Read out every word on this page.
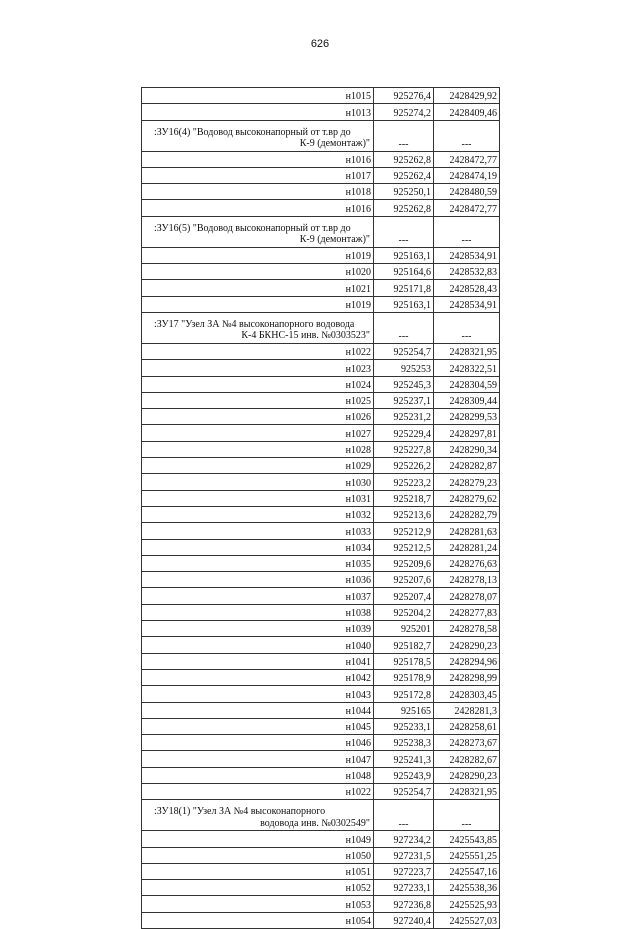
626
н1015	925276,4	2428429,92
н1013	925274,2	2428409,46

:ЗУ16(4) "Водовод высоконапорный от т.вр до
К-9 (демонтаж)"	---	---
н1016	925262,8	2428472,77
н1017	925262,4	2428474,19
н1018	925250,1	2428480,59
н1016	925262,8	2428472,77

:ЗУ16(5) "Водовод высоконапорный от т.вр до
К-9 (демонтаж)"	---	---
н1019	925163,1	2428534,91
н1020	925164,6	2428532,83
н1021	925171,8	2428528,43
н1019	925163,1	2428534,91

:ЗУ17 "Узел ЗА №4 высоконапорного водовода
К-4 БКНС-15 инв. №0303523"	---	---
н1022	925254,7	2428321,95
н1023	925253	2428322,51
н1024	925245,3	2428304,59
н1025	925237,1	2428309,44
н1026	925231,2	2428299,53
н1027	925229,4	2428297,81
н1028	925227,8	2428290,34
н1029	925226,2	2428282,87
н1030	925223,2	2428279,23
н1031	925218,7	2428279,62
н1032	925213,6	2428282,79
н1033	925212,9	2428281,63
н1034	925212,5	2428281,24
н1035	925209,6	2428276,63
н1036	925207,6	2428278,13
н1037	925207,4	2428278,07
н1038	925204,2	2428277,83
н1039	925201	2428278,58
н1040	925182,7	2428290,23
н1041	925178,5	2428294,96
н1042	925178,9	2428298,99
н1043	925172,8	2428303,45
н1044	925165	2428281,3
н1045	925233,1	2428258,61
н1046	925238,3	2428273,67
н1047	925241,3	2428282,67
н1048	925243,9	2428290,23
н1022	925254,7	2428321,95

:ЗУ18(1) "Узел ЗА №4 высоконапорного
водовода инв. №0302549"	---	---
н1049	927234,2	2425543,85
н1050	927231,5	2425551,25
н1051	927223,7	2425547,16
н1052	927233,1	2425538,36
н1053	927236,8	2425525,93
н1054	927240,4	2425527,03
